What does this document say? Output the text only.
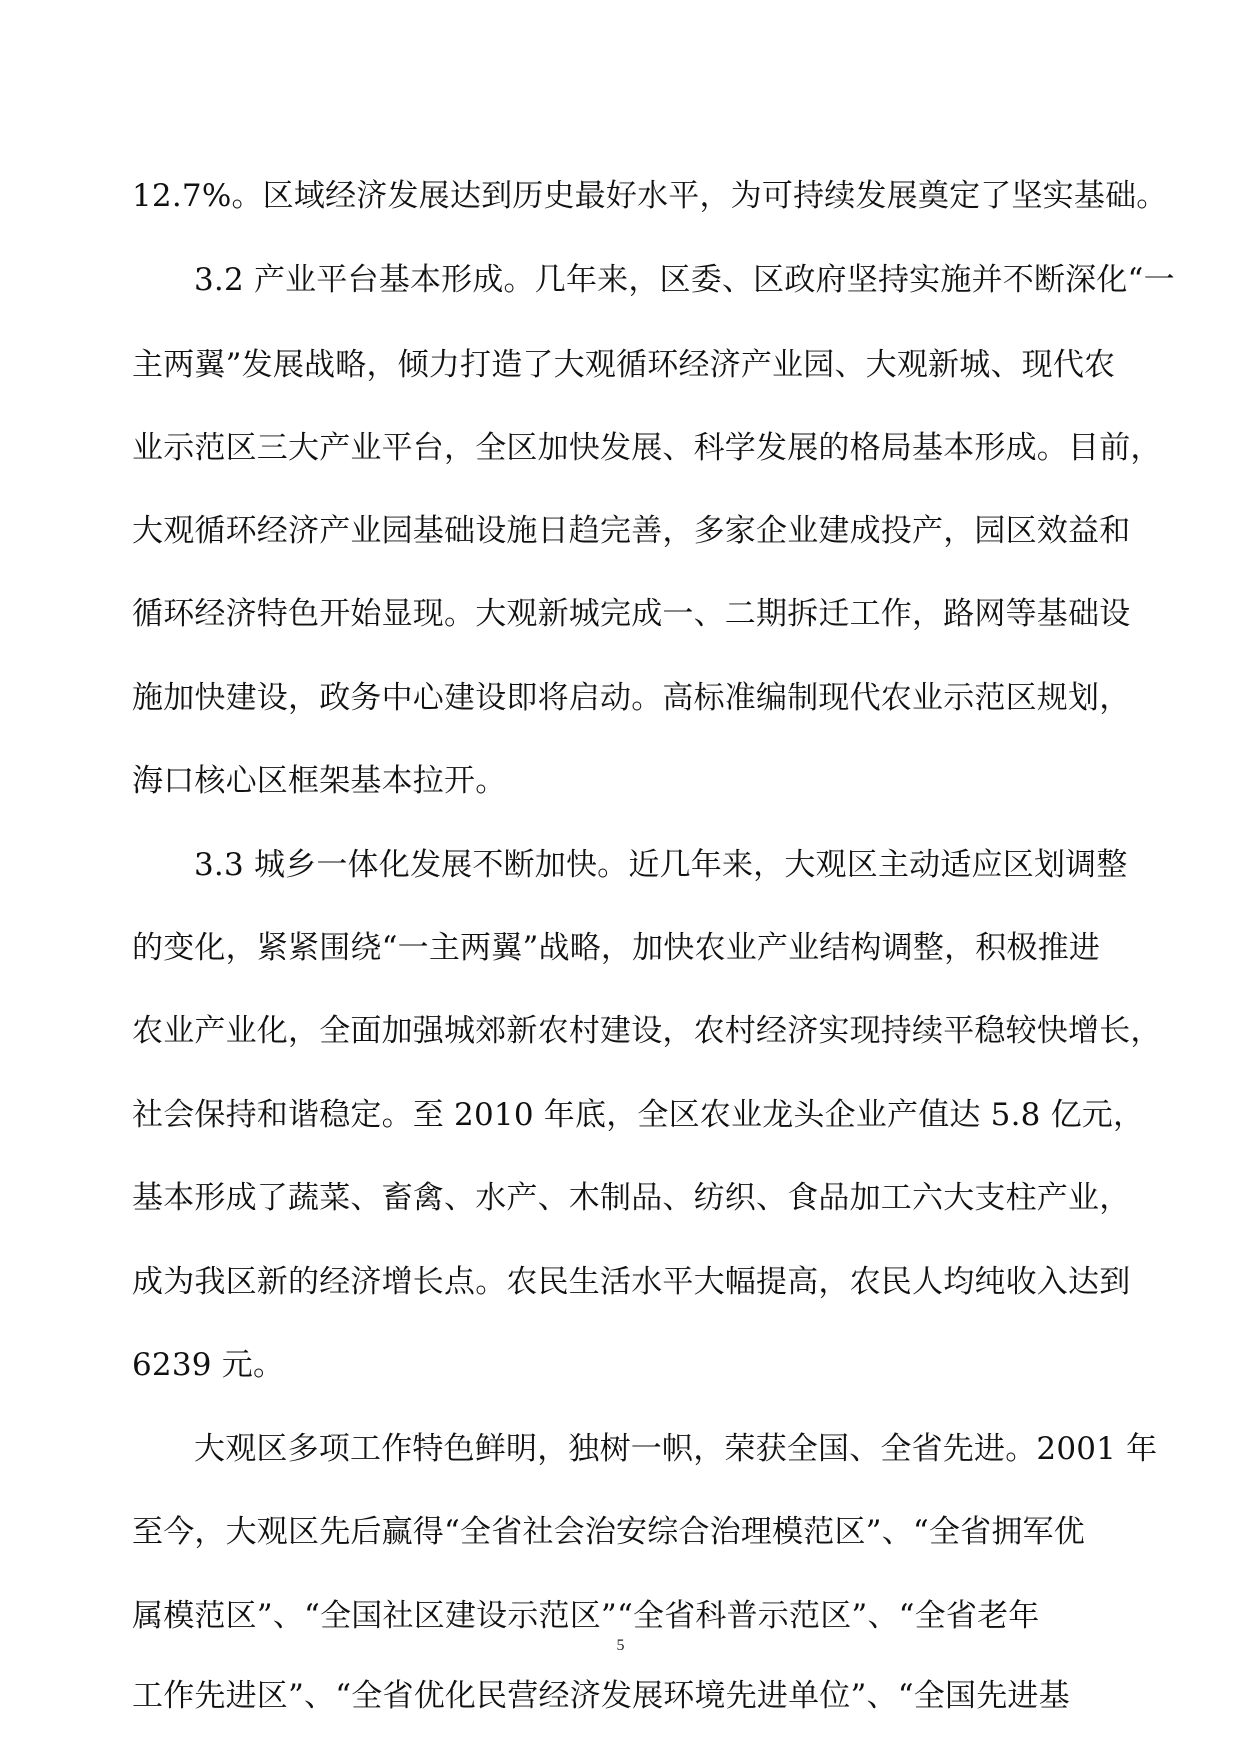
12.7%。区域经济发展达到历史最好水平，为可持续发展奠定了坚实基础。
3.2 产业平台基本形成。几年来，区委、区政府坚持实施并不断深化“一
主两翼”发展战略，倾力打造了大观循环经济产业园、大观新城、现代农
业示范区三大产业平台，全区加快发展、科学发展的格局基本形成。目前，
大观循环经济产业园基础设施日趋完善，多家企业建成投产，园区效益和
循环经济特色开始显现。大观新城完成一、二期拆迁工作，路网等基础设
施加快建设，政务中心建设即将启动。高标准编制现代农业示范区规划，
海口核心区框架基本拉开。
3.3 城乡一体化发展不断加快。近几年来，大观区主动适应区划调整
的变化，紧紧围绕“一主两翼”战略，加快农业产业结构调整，积极推进
农业产业化，全面加强城郊新农村建设，农村经济实现持续平稳较快增长，
社会保持和谐稳定。至 2010 年底，全区农业龙头企业产值达 5.8 亿元，
基本形成了蔬菜、畜禽、水产、木制品、纺织、食品加工六大支柱产业，
成为我区新的经济增长点。农民生活水平大幅提高，农民人均纯收入达到
6239 元。
大观区多项工作特色鲜明，独树一帜，荣获全国、全省先进。2001 年
至今，大观区先后赢得“全省社会治安综合治理模范区”、“全省拥军优
属模范区”、“全国社区建设示范区”“全省科普示范区”、“全省老年
工作先进区”、“全省优化民营经济发展环境先进单位”、“全国先进基
5
